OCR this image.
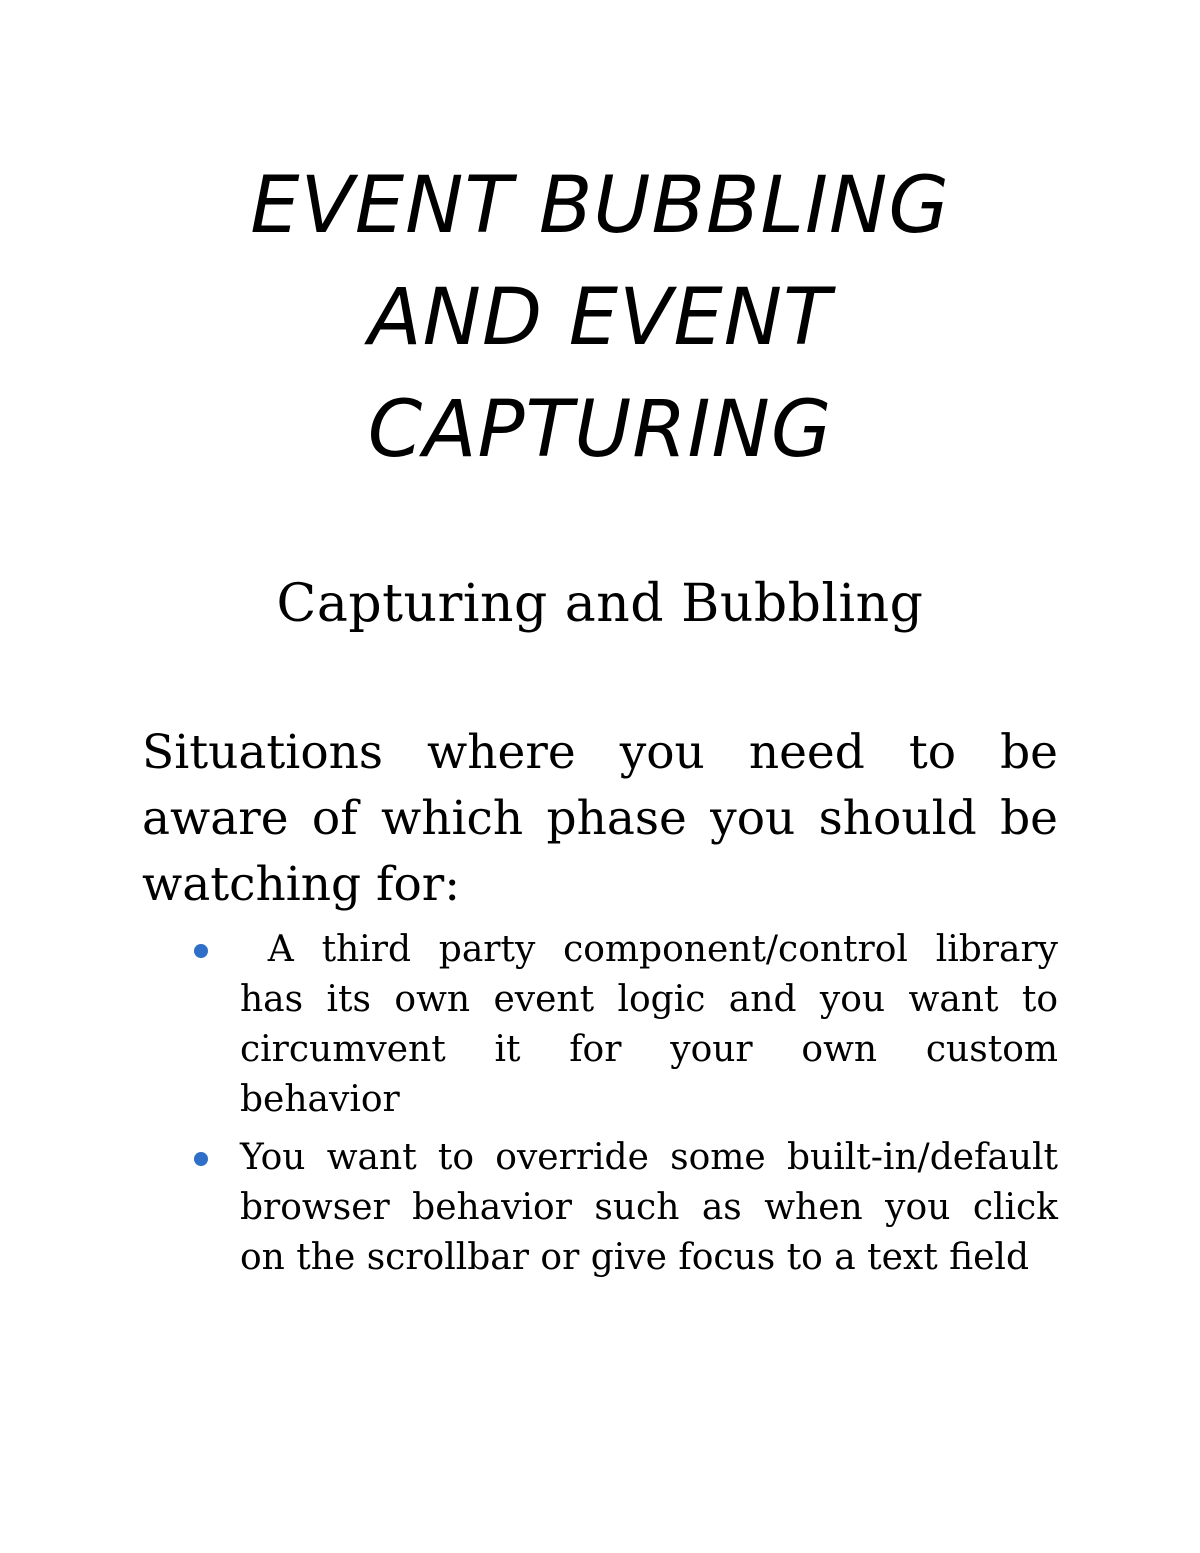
EVENT BUBBLING
AND EVENT
CAPTURING
Capturing and Bubbling

Situations where you need to be
aware of which phase you should be
watching for:

A third party component/control library
has its own event logic and you want to
circumvent it for your own custom
behavior
You want to override some built-in/default
browser behavior such as when you click
on the scrollbar or give focus to a text field
